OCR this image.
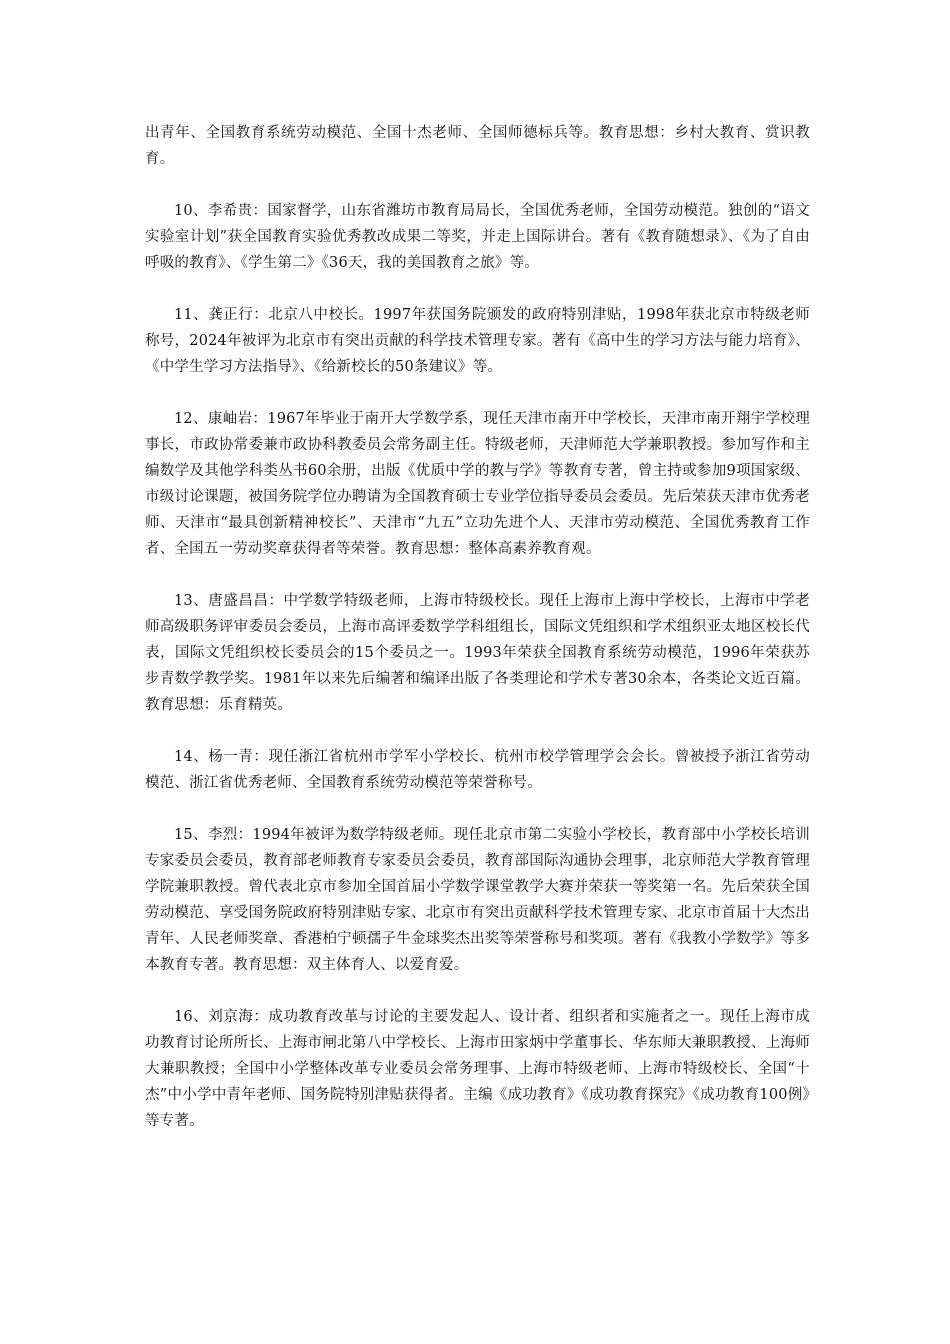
出青年、全国教育系统劳动模范、全国十杰老师、全国师德标兵等。教育思想：乡村大教育、赏识教育。

10、李希贵：国家督学，山东省潍坊市教育局局长，全国优秀老师，全国劳动模范。独创的“语文实验室计划”获全国教育实验优秀教改成果二等奖，并走上国际讲台。著有《教育随想录》、《为了自由呼吸的教育》、《学生第二》《36天，我的美国教育之旅》等。

11、龚正行：北京八中校长。1997年获国务院颁发的政府特别津贴，1998年获北京市特级老师称号，2024年被评为北京市有突出贡献的科学技术管理专家。著有《高中生的学习方法与能力培育》、《中学生学习方法指导》、《给新校长的50条建议》等。

12、康岫岩：1967年毕业于南开大学数学系，现任天津市南开中学校长，天津市南开翔宇学校理事长，市政协常委兼市政协科教委员会常务副主任。特级老师，天津师范大学兼职教授。参加写作和主编数学及其他学科类丛书60余册，出版《优质中学的教与学》等教育专著，曾主持或参加9项国家级、市级讨论课题，被国务院学位办聘请为全国教育硕士专业学位指导委员会委员。先后荣获天津市优秀老师、天津市“最具创新精神校长”、天津市“九五”立功先进个人、天津市劳动模范、全国优秀教育工作者、全国五一劳动奖章获得者等荣誉。教育思想：整体高素养教育观。

13、唐盛昌昌：中学数学特级老师，上海市特级校长。现任上海市上海中学校长，上海市中学老师高级职务评审委员会委员，上海市高评委数学学科组组长，国际文凭组织和学术组织亚太地区校长代表，国际文凭组织校长委员会的15个委员之一。1993年荣获全国教育系统劳动模范，1996年荣获苏步青数学教学奖。1981年以来先后编著和编译出版了各类理论和学术专著30余本，各类论文近百篇。教育思想：乐育精英。

14、杨一青：现任浙江省杭州市学军小学校长、杭州市校学管理学会会长。曾被授予浙江省劳动模范、浙江省优秀老师、全国教育系统劳动模范等荣誉称号。

15、李烈：1994年被评为数学特级老师。现任北京市第二实验小学校长，教育部中小学校长培训专家委员会委员，教育部老师教育专家委员会委员，教育部国际沟通协会理事，北京师范大学教育管理学院兼职教授。曾代表北京市参加全国首届小学数学课堂教学大赛并荣获一等奖第一名。先后荣获全国劳动模范、享受国务院政府特别津贴专家、北京市有突出贡献科学技术管理专家、北京市首届十大杰出青年、人民老师奖章、香港柏宁顿孺子牛金球奖杰出奖等荣誉称号和奖项。著有《我教小学数学》等多本教育专著。教育思想：双主体育人、以爱育爱。

16、刘京海：成功教育改革与讨论的主要发起人、设计者、组织者和实施者之一。现任上海市成功教育讨论所所长、上海市闸北第八中学校长、上海市田家炳中学董事长、华东师大兼职教授、上海师大兼职教授；全国中小学整体改革专业委员会常务理事、上海市特级老师、上海市特级校长、全国“十杰”中小学中青年老师、国务院特别津贴获得者。主编《成功教育》《成功教育探究》《成功教育100例》等专著。
